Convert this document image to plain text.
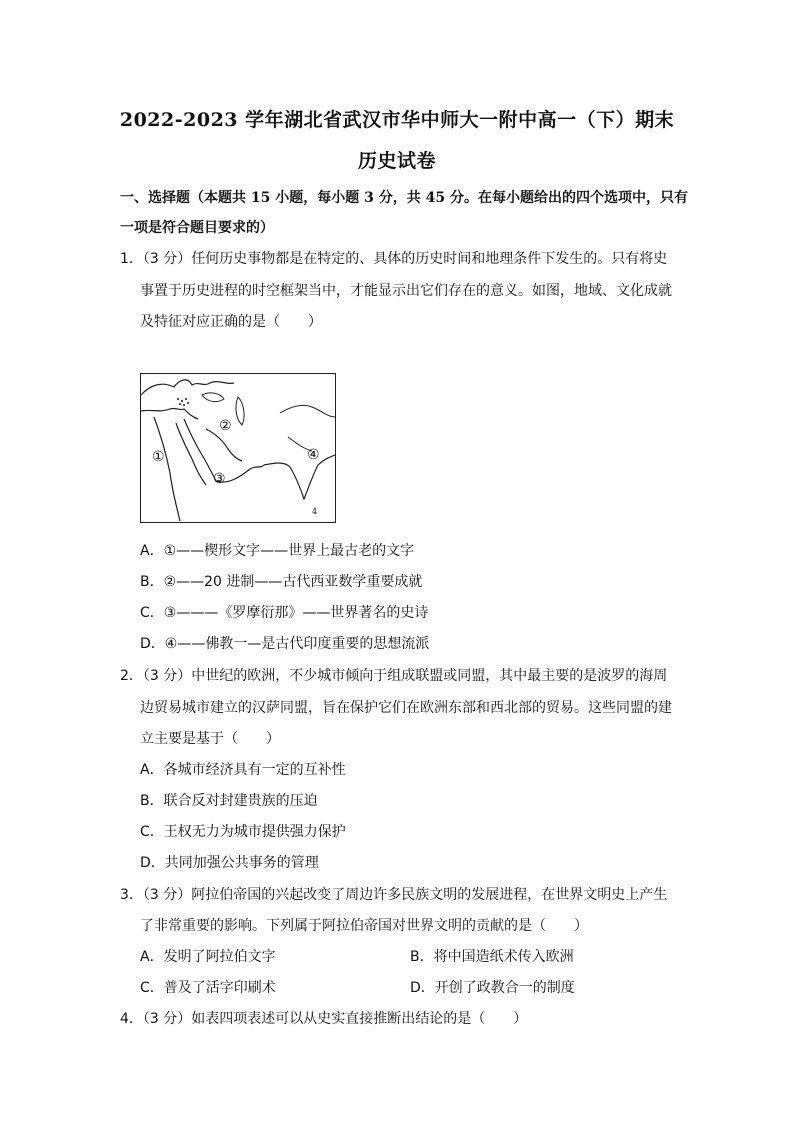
2022-2023 学年湖北省武汉市华中师大一附中高一（下）期末
历史试卷
一、选择题（本题共 15 小题，每小题 3 分，共 45 分。在每小题给出的四个选项中，只有
一项是符合题目要求的）
1．（3 分）任何历史事物都是在特定的、具体的历史时间和地理条件下发生的。只有将史
事置于历史进程的时空框架当中，才能显示出它们存在的意义。如图，地域、文化成就
及特征对应正确的是（　　）
①
②
③
④
4
A．①——楔形文字——世界上最古老的文字
B．②——20 进制——古代西亚数学重要成就
C．③———《罗摩衍那》——世界著名的史诗
D．④——佛教一—是古代印度重要的思想流派
2．（3 分）中世纪的欧洲，不少城市倾向于组成联盟或同盟，其中最主要的是波罗的海周
边贸易城市建立的汉萨同盟，旨在保护它们在欧洲东部和西北部的贸易。这些同盟的建
立主要是基于（　　）
A．各城市经济具有一定的互补性
B．联合反对封建贵族的压迫
C．王权无力为城市提供强力保护
D．共同加强公共事务的管理
3．（3 分）阿拉伯帝国的兴起改变了周边许多民族文明的发展进程，在世界文明史上产生
了非常重要的影响。下列属于阿拉伯帝国对世界文明的贡献的是（　　）
A．发明了阿拉伯文字	B．将中国造纸术传入欧洲
C．普及了活字印刷术	D．开创了政教合一的制度
4．（3 分）如表四项表述可以从史实直接推断出结论的是（　　）
